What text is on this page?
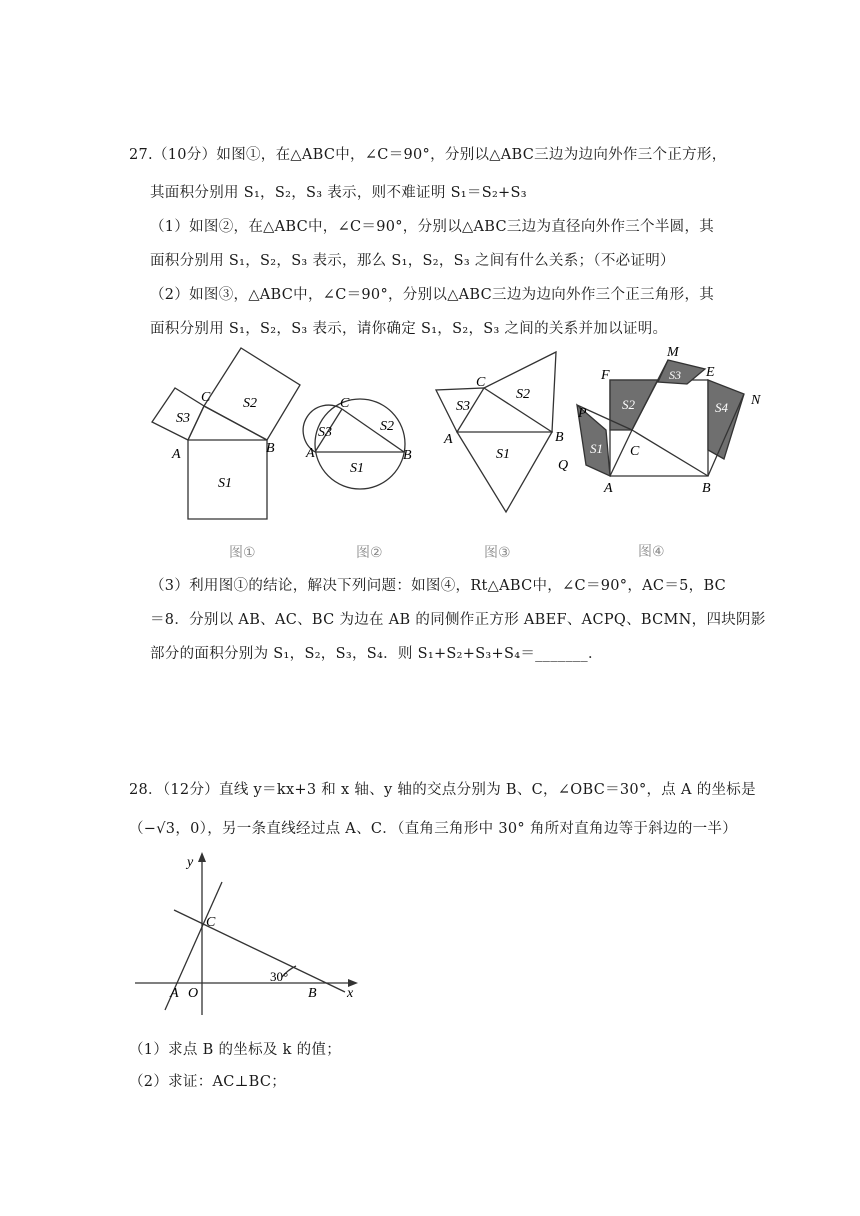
27.（10分）如图①，在△ABC中，∠C＝90°，分别以△ABC三边为边向外作三个正方形，
其面积分别用 S₁，S₂，S₃ 表示，则不难证明 S₁＝S₂+S₃
（1）如图②，在△ABC中，∠C＝90°，分别以△ABC三边为直径向外作三个半圆，其
面积分别用 S₁，S₂，S₃ 表示，那么 S₁，S₂，S₃ 之间有什么关系；（不必证明）
（2）如图③，△ABC中，∠C＝90°，分别以△ABC三边为边向外作三个正三角形，其
面积分别用 S₁，S₂，S₃ 表示，请你确定 S₁，S₂，S₃ 之间的关系并加以证明。
A	B
C
S1
S2
S3
A	B
C
S1
S2
S3	A	B
C
S1
S2
S3
A	B
C
E
F
M
N
P
Q
S1
S2
S3
S4
图①	图②	图③	图④
y
x
A O	B
C
30°
（3）利用图①的结论，解决下列问题：如图④，Rt△ABC中，∠C＝90°，AC＝5，BC
＝8．分别以 AB、AC、BC 为边在 AB 的同侧作正方形 ABEF、ACPQ、BCMN，四块阴影
部分的面积分别为 S₁，S₂，S₃，S₄．则 S₁+S₂+S₃+S₄＝_______．
28．（12分）直线 y＝kx+3 和 x 轴、y 轴的交点分别为 B、C，∠OBC＝30°，点 A 的坐标是
（−√3，0），另一条直线经过点 A、C．（直角三角形中 30° 角所对直角边等于斜边的一半）
（1）求点 B 的坐标及 k 的值；
（2）求证：AC⊥BC；
